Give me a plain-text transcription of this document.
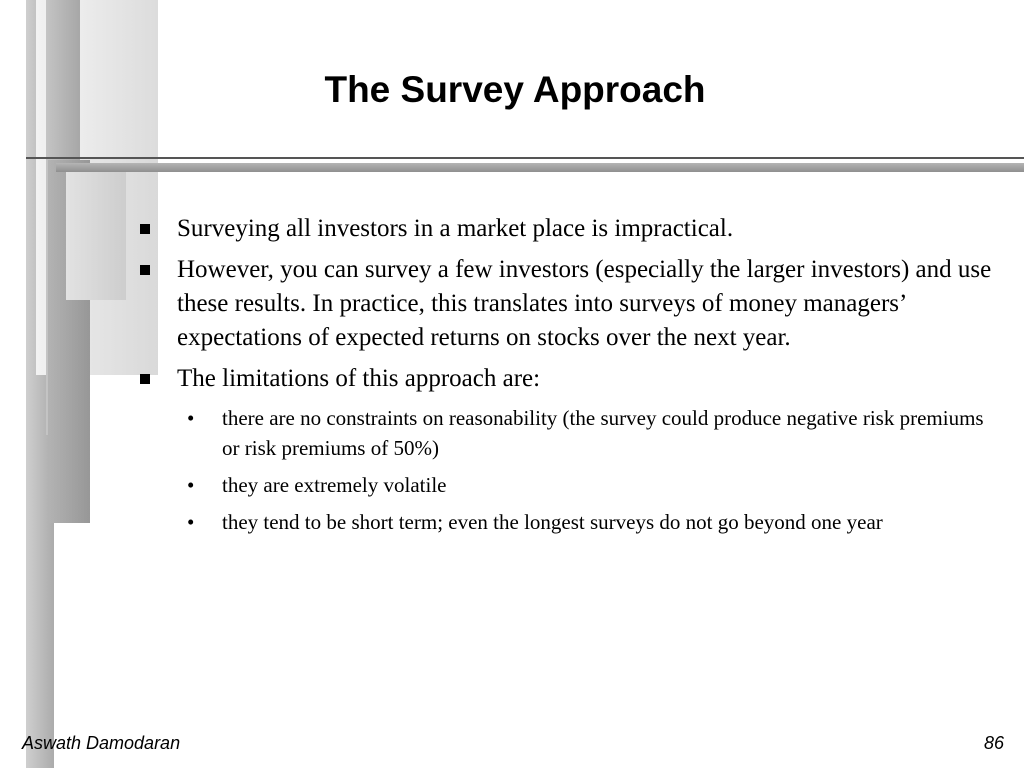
The Survey Approach
Surveying all investors in a market place is impractical.
However, you can survey a few investors (especially the larger investors) and use these results. In practice, this translates into surveys of money managers’ expectations of expected returns on stocks over the next year.
The limitations of this approach are:
• there are no constraints on reasonability (the survey could produce negative risk premiums or risk premiums of 50%)
• they are extremely volatile
• they tend to be short term; even the longest surveys do not go beyond one year
Aswath Damodaran	86
